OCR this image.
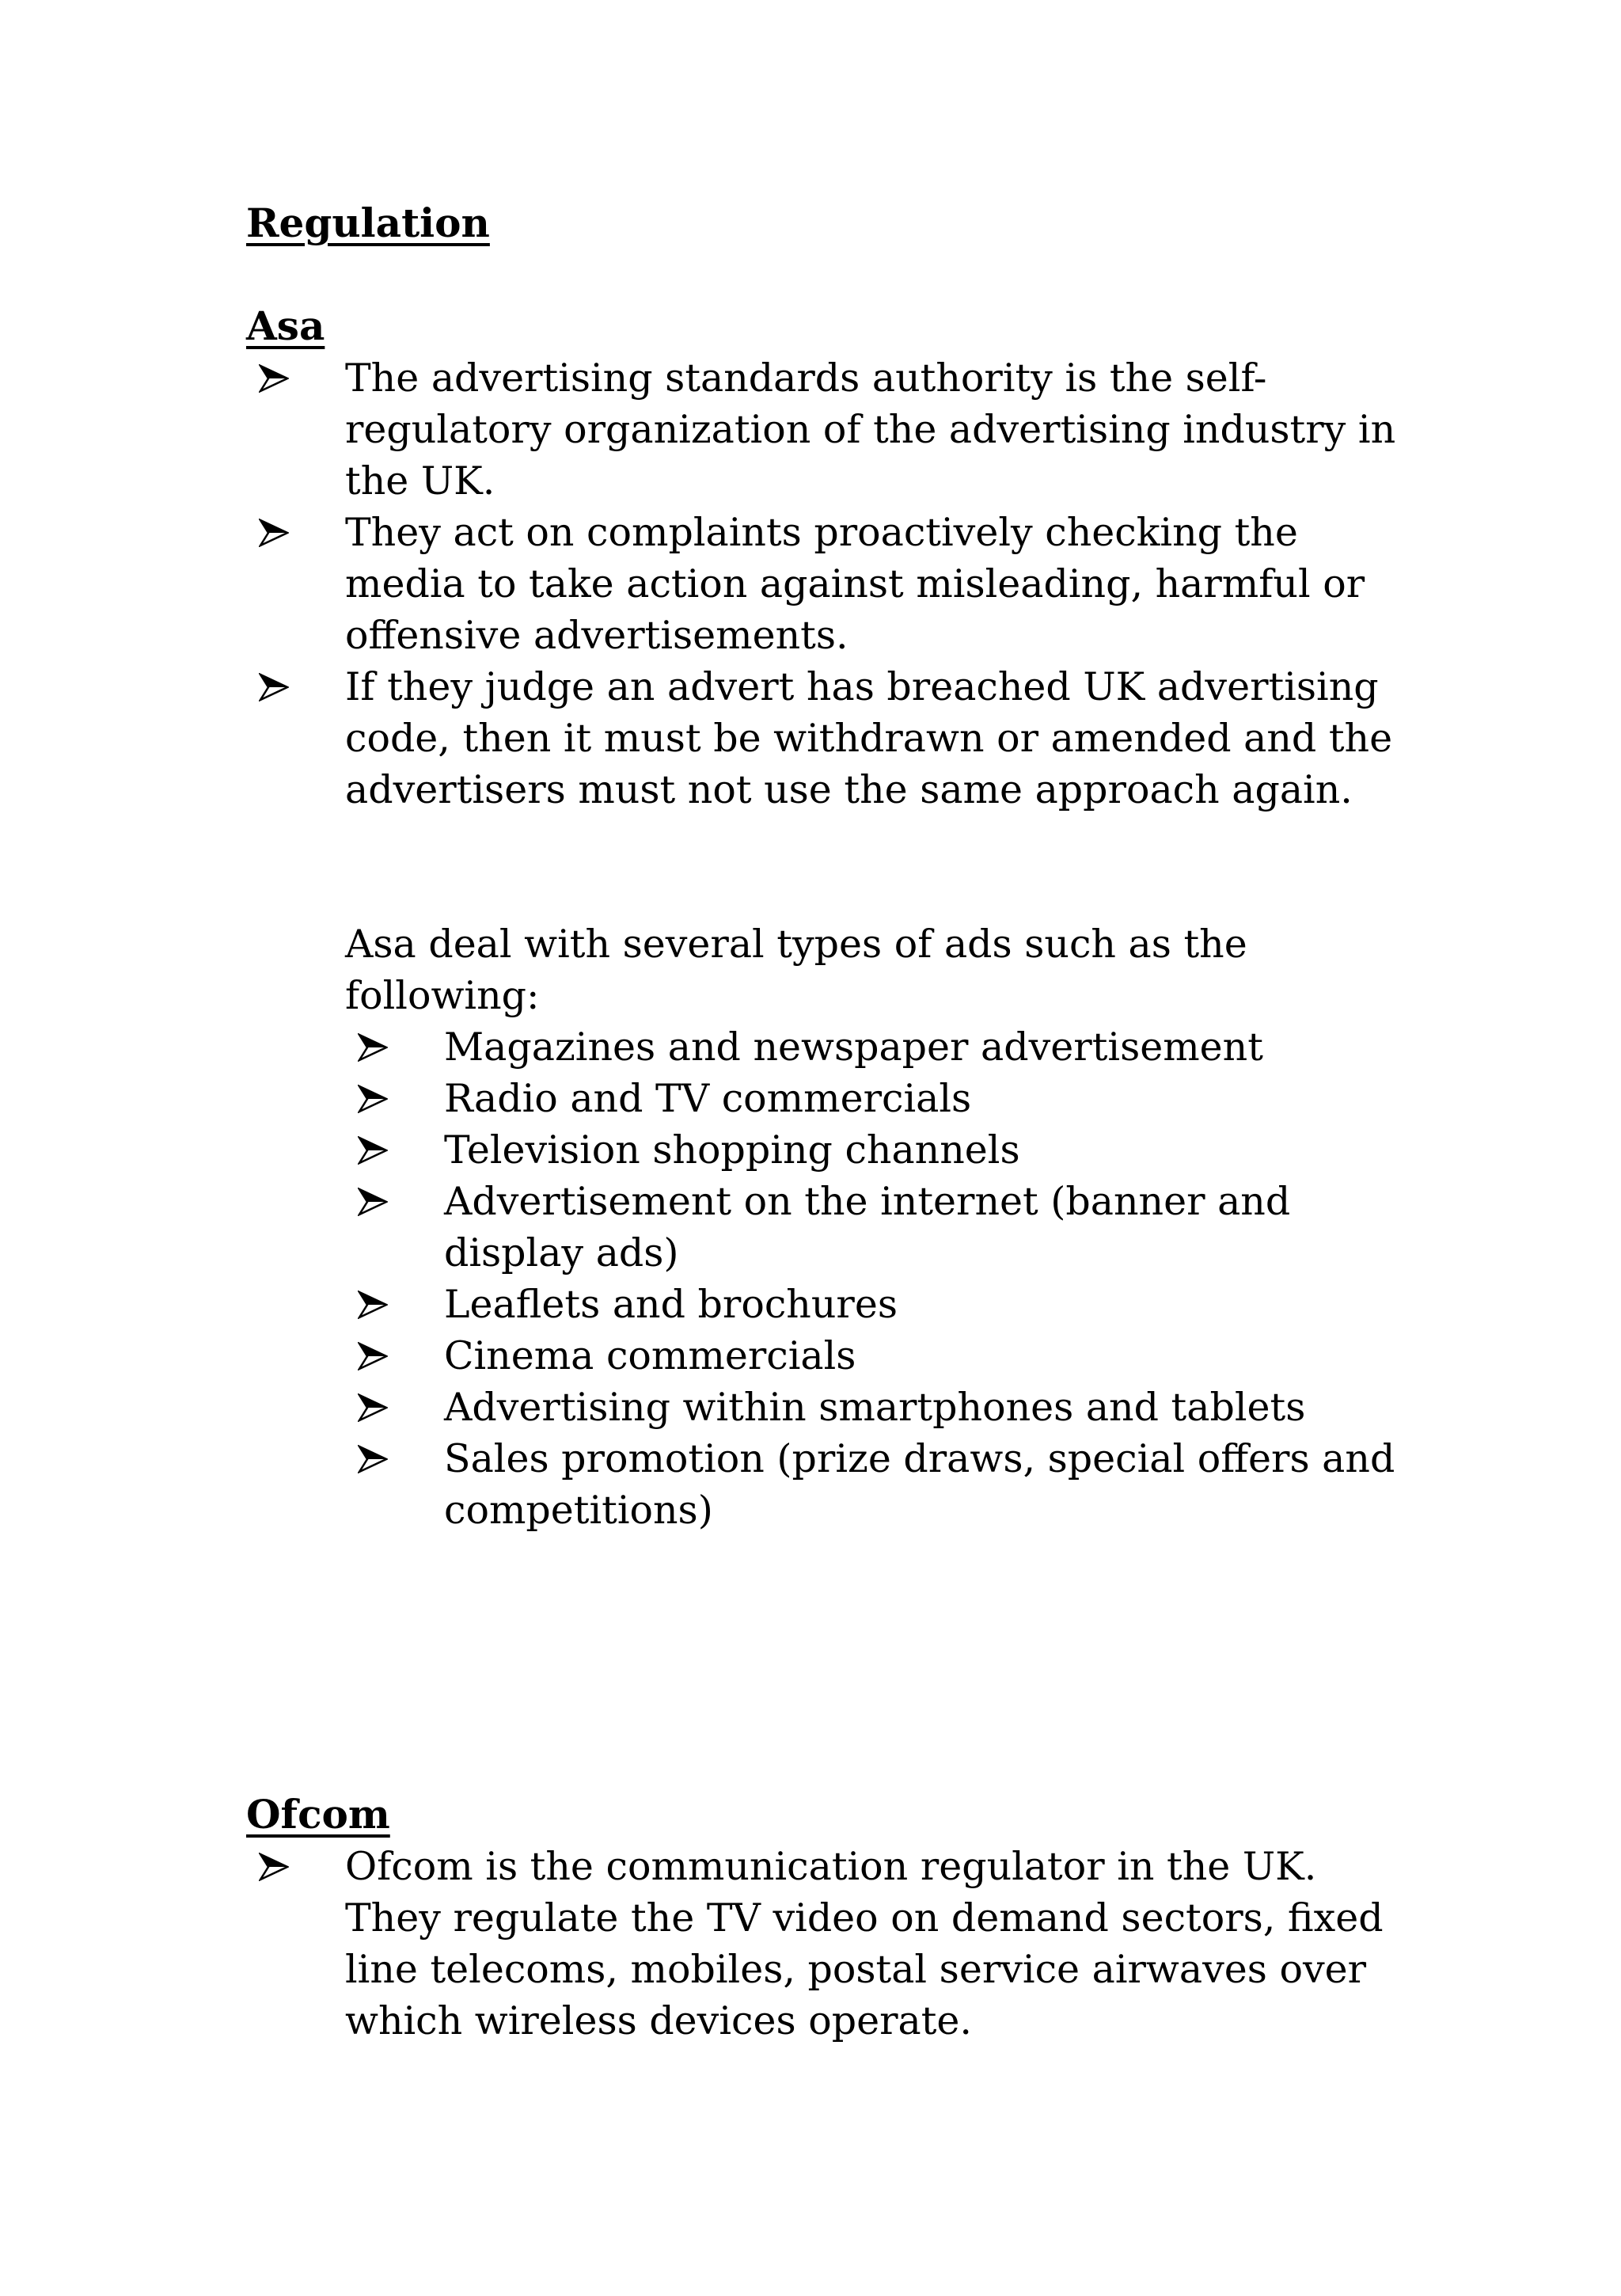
Regulation
Asa
The advertising standards authority is the self-regulatory organization of the advertising industry in the UK.
They act on complaints proactively checking the media to take action against misleading, harmful or offensive advertisements.
If they judge an advert has breached UK advertising code, then it must be withdrawn or amended and the advertisers must not use the same approach again.

Asa deal with several types of ads such as the following:

Magazines and newspaper advertisement
Radio and TV commercials
Television shopping channels
Advertisement on the internet (banner and display ads)
Leaflets and brochures
Cinema commercials
Advertising within smartphones and tablets
Sales promotion (prize draws, special offers and competitions)
Ofcom
Ofcom is the communication regulator in the UK. They regulate the TV video on demand sectors, fixed line telecoms, mobiles, postal service airwaves over which wireless devices operate.
